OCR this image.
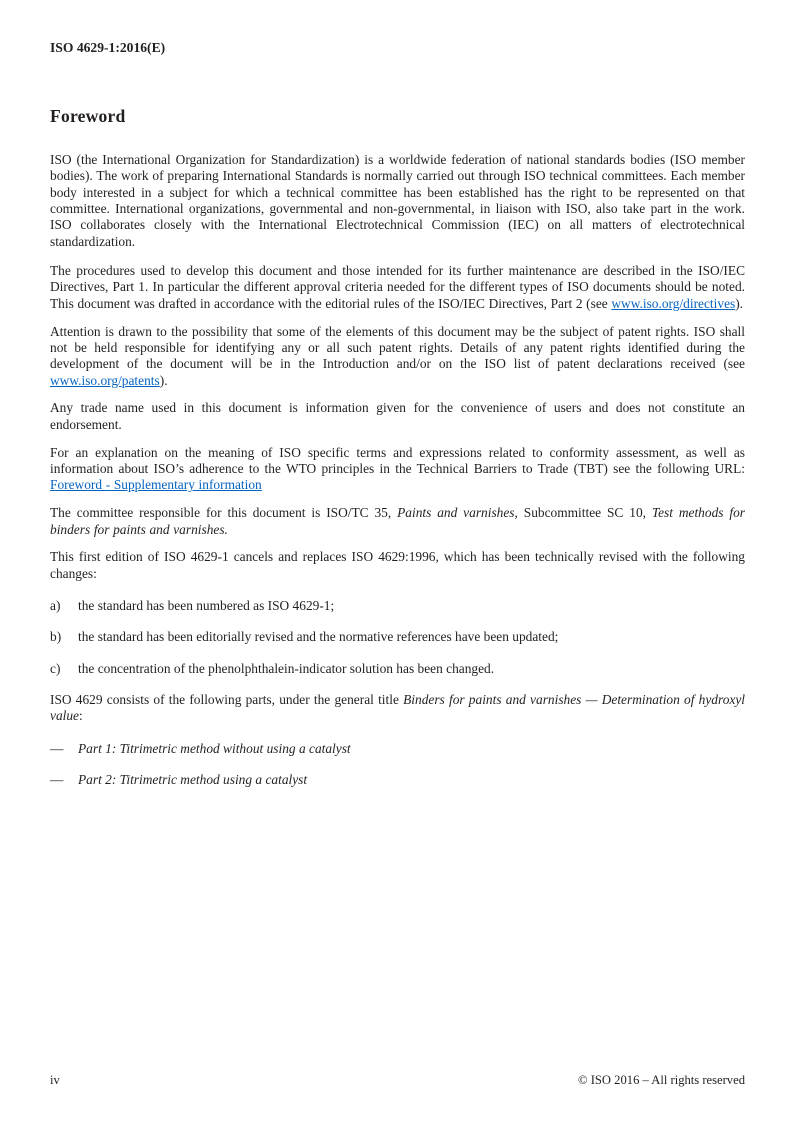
ISO 4629-1:2016(E)
Foreword

ISO (the International Organization for Standardization) is a worldwide federation of national standards bodies (ISO member bodies). The work of preparing International Standards is normally carried out through ISO technical committees. Each member body interested in a subject for which a technical committee has been established has the right to be represented on that committee. International organizations, governmental and non-governmental, in liaison with ISO, also take part in the work. ISO collaborates closely with the International Electrotechnical Commission (IEC) on all matters of electrotechnical standardization.

The procedures used to develop this document and those intended for its further maintenance are described in the ISO/IEC Directives, Part 1. In particular the different approval criteria needed for the different types of ISO documents should be noted. This document was drafted in accordance with the editorial rules of the ISO/IEC Directives, Part 2 (see www.iso.org/directives).

Attention is drawn to the possibility that some of the elements of this document may be the subject of patent rights. ISO shall not be held responsible for identifying any or all such patent rights. Details of any patent rights identified during the development of the document will be in the Introduction and/or on the ISO list of patent declarations received (see www.iso.org/patents).

Any trade name used in this document is information given for the convenience of users and does not constitute an endorsement.

For an explanation on the meaning of ISO specific terms and expressions related to conformity assessment, as well as information about ISO’s adherence to the WTO principles in the Technical Barriers to Trade (TBT) see the following URL: Foreword - Supplementary information

The committee responsible for this document is ISO/TC 35, Paints and varnishes, Subcommittee SC 10, Test methods for binders for paints and varnishes.

This first edition of ISO 4629-1 cancels and replaces ISO 4629:1996, which has been technically revised with the following changes:

a)	the standard has been numbered as ISO 4629-1;
b)	the standard has been editorially revised and the normative references have been updated;
c)	the concentration of the phenolphthalein-indicator solution has been changed.

ISO 4629 consists of the following parts, under the general title Binders for paints and varnishes — Determination of hydroxyl value:

—	Part 1: Titrimetric method without using a catalyst
—	Part 2: Titrimetric method using a catalyst
iv	© ISO 2016 – All rights reserved
